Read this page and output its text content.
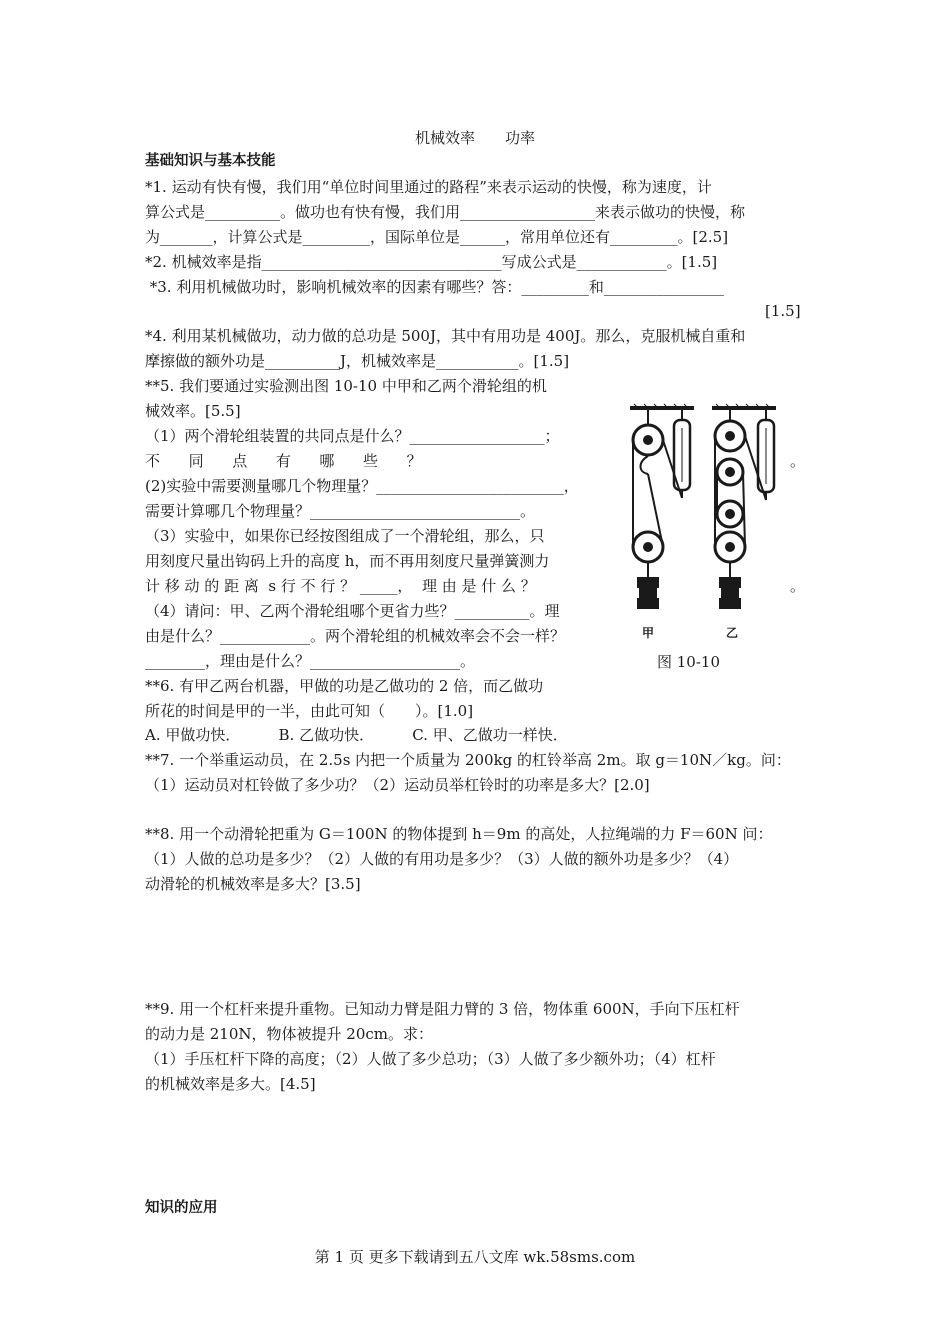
机械效率　　功率
基础知识与基本技能
*1. 运动有快有慢，我们用“单位时间里通过的路程”来表示运动的快慢，称为速度，计
算公式是__________。做功也有快有慢，我们用__________________来表示做功的快慢，称
为_______，计算公式是_________，国际单位是______，常用单位还有_________。[2.5]
*2. 机械效率是指________________________________写成公式是____________。[1.5]
*3. 利用机械做功时，影响机械效率的因素有哪些？答：_________和________________
[1.5]
*4. 利用某机械做功，动力做的总功是 500J，其中有用功是 400J。那么，克服机械自重和
摩擦做的额外功是__________J，机械效率是___________。[1.5]
**5. 我们要通过实验测出图 10-10 中甲和乙两个滑轮组的机
械效率。[5.5]
（1）两个滑轮组装置的共同点是什么？__________________；
不      同      点      有      哪      些      ？	。
(2)实验中需要测量哪几个物理量？_________________________，
需要计算哪几个物理量？____________________________。
（3）实验中，如果你已经按图组成了一个滑轮组，那么，只
用刻度尺量出钩码上升的高度 h，而不再用刻度尺量弹簧测力
计 移 动 的 距 离  s 行 不 行 ？ _____，  理 由 是 什 么 ？	。
（4）请问：甲、乙两个滑轮组哪个更省力些？__________。理
由是什么？____________。两个滑轮组的机械效率会不会一样？
________，理由是什么？____________________。
**6. 有甲乙两台机器，甲做的功是乙做功的 2 倍，而乙做功
所花的时间是甲的一半，由此可知（　　）。[1.0]
A. 甲做功快．        B. 乙做功快．        C. 甲、乙做功一样快．
**7. 一个举重运动员，在 2.5s 内把一个质量为 200kg 的杠铃举高 2m。取 g＝10N／kg。问：
（1）运动员对杠铃做了多少功？（2）运动员举杠铃时的功率是多大？[2.0]
**8. 用一个动滑轮把重为 G＝100N 的物体提到 h＝9m 的高处，人拉绳端的力 F＝60N 问：
（1）人做的总功是多少？（2）人做的有用功是多少？（3）人做的额外功是多少？（4）
动滑轮的机械效率是多大？[3.5]
**9. 用一个杠杆来提升重物。已知动力臂是阻力臂的 3 倍，物体重 600N，手向下压杠杆
的动力是 210N，物体被提升 20cm。求：
（1）手压杠杆下降的高度；（2）人做了多少总功；（3）人做了多少额外功；（4）杠杆
的机械效率是多大。[4.5]
知识的应用
甲	乙
图 10-10
第 1 页 更多下载请到五八文库 wk.58sms.com
